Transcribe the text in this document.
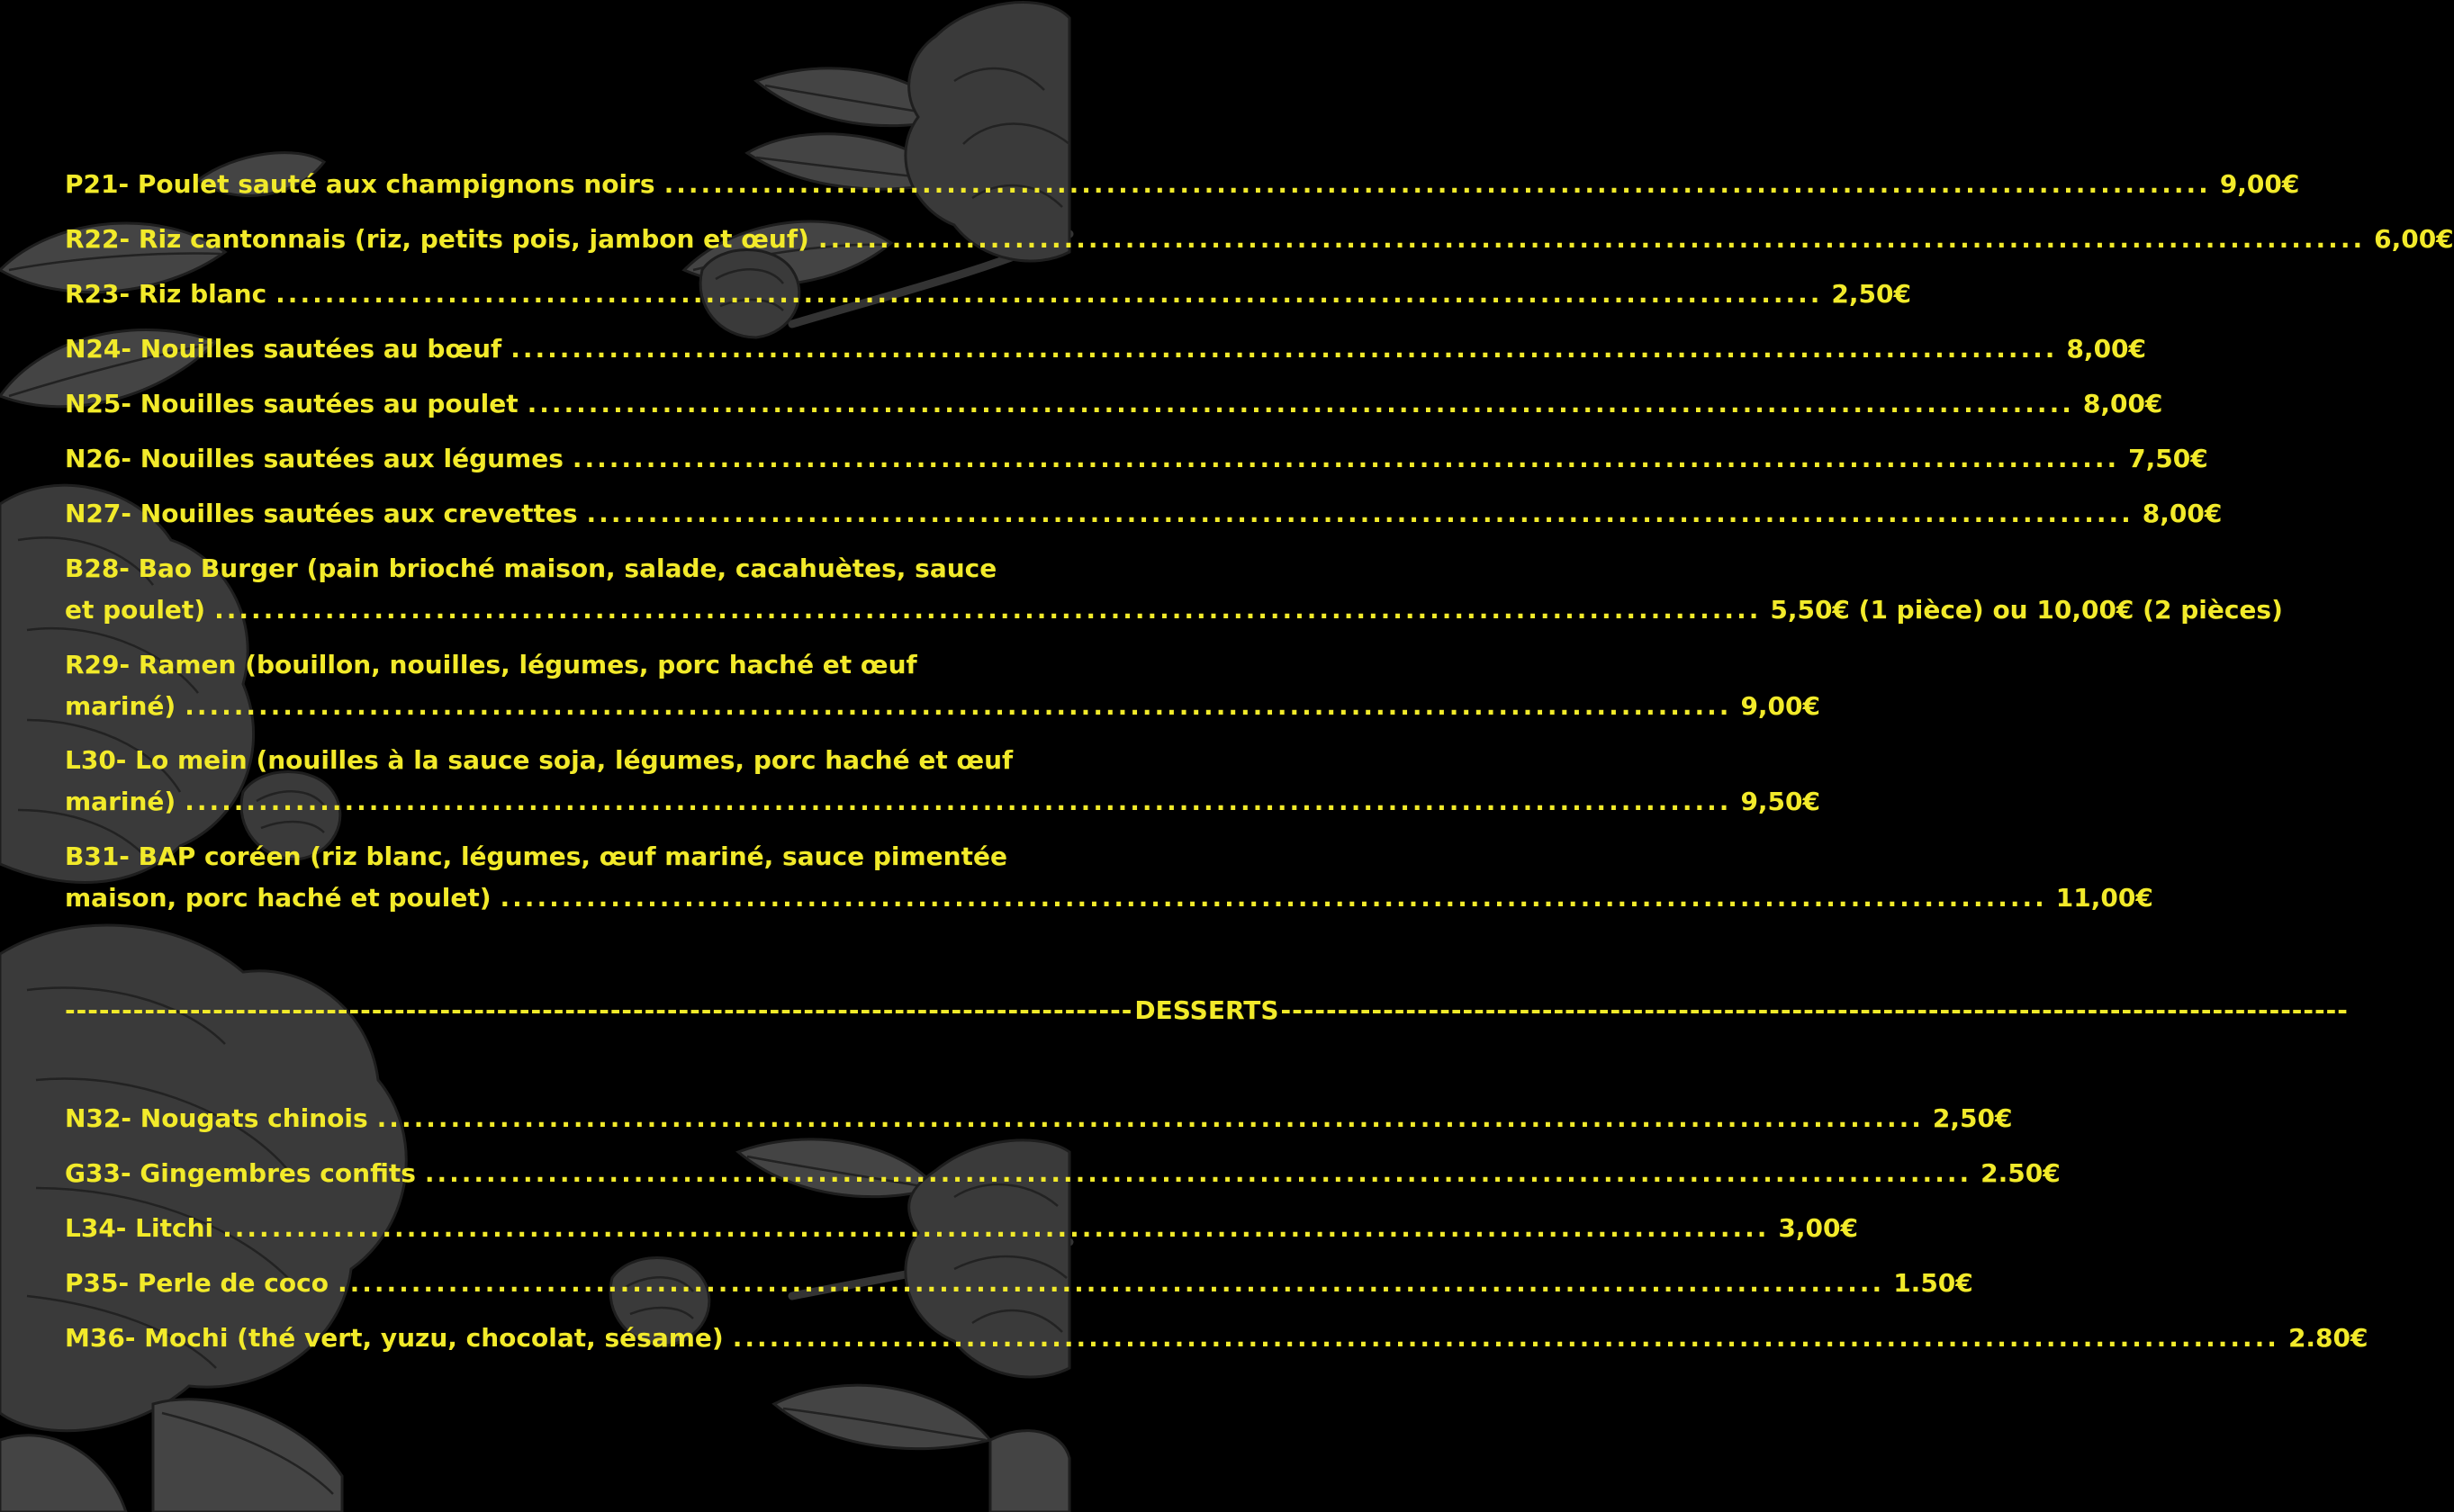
P21- Poulet sauté aux champignons noirs .............................................................................................................................. 9,00€
R22- Riz cantonnais (riz, petits pois, jambon et œuf) .............................................................................................................................. 6,00€
R23- Riz blanc .............................................................................................................................. 2,50€
N24- Nouilles sautées au bœuf .............................................................................................................................. 8,00€
N25- Nouilles sautées au poulet .............................................................................................................................. 8,00€
N26- Nouilles sautées aux légumes .............................................................................................................................. 7,50€
N27- Nouilles sautées aux crevettes .............................................................................................................................. 8,00€
B28- Bao Burger (pain brioché maison, salade, cacahuètes, sauce
et poulet) .............................................................................................................................. 5,50€ (1 pièce) ou 10,00€ (2 pièces)
R29- Ramen (bouillon, nouilles, légumes, porc haché et œuf
mariné) .............................................................................................................................. 9,00€
L30- Lo mein (nouilles à la sauce soja, légumes, porc haché et œuf
mariné) .............................................................................................................................. 9,50€
B31- BAP coréen (riz blanc, légumes, œuf mariné, sauce pimentée
maison, porc haché et poulet) .............................................................................................................................. 11,00€
---------------------------------------------------------------------------------------------- DESSERTS ----------------------------------------------------------------------------------------------
N32- Nougats chinois .............................................................................................................................. 2,50€
G33- Gingembres confits .............................................................................................................................. 2.50€
L34- Litchi .............................................................................................................................. 3,00€
P35- Perle de coco .............................................................................................................................. 1.50€
M36- Mochi (thé vert, yuzu, chocolat, sésame) .............................................................................................................................. 2.80€
